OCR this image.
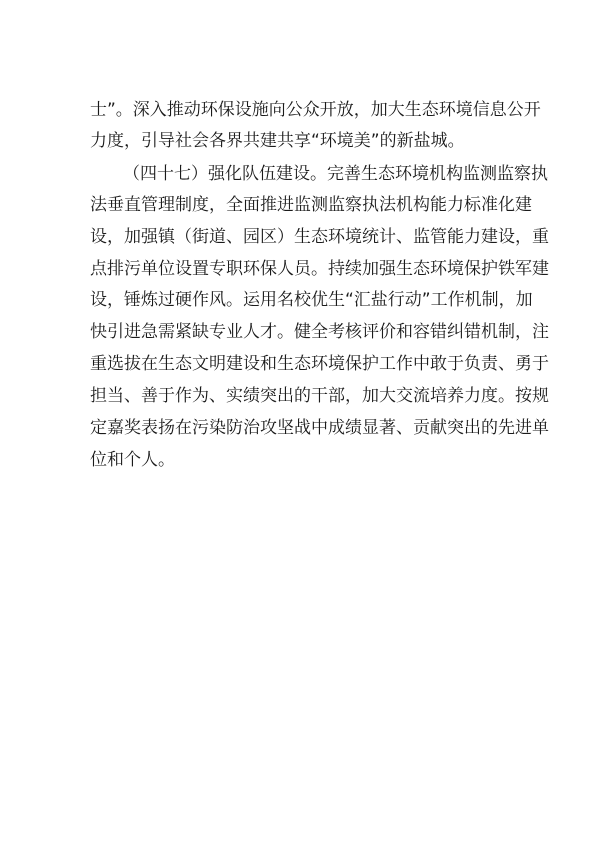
士”。深入推动环保设施向公众开放，加大生态环境信息公开
力度，引导社会各界共建共享“环境美”的新盐城。
（四十七）强化队伍建设。完善生态环境机构监测监察执
法垂直管理制度，全面推进监测监察执法机构能力标准化建
设，加强镇（街道、园区）生态环境统计、监管能力建设，重
点排污单位设置专职环保人员。持续加强生态环境保护铁军建
设，锤炼过硬作风。运用名校优生“汇盐行动”工作机制，加
快引进急需紧缺专业人才。健全考核评价和容错纠错机制，注
重选拔在生态文明建设和生态环境保护工作中敢于负责、勇于
担当、善于作为、实绩突出的干部，加大交流培养力度。按规
定嘉奖表扬在污染防治攻坚战中成绩显著、贡献突出的先进单
位和个人。
